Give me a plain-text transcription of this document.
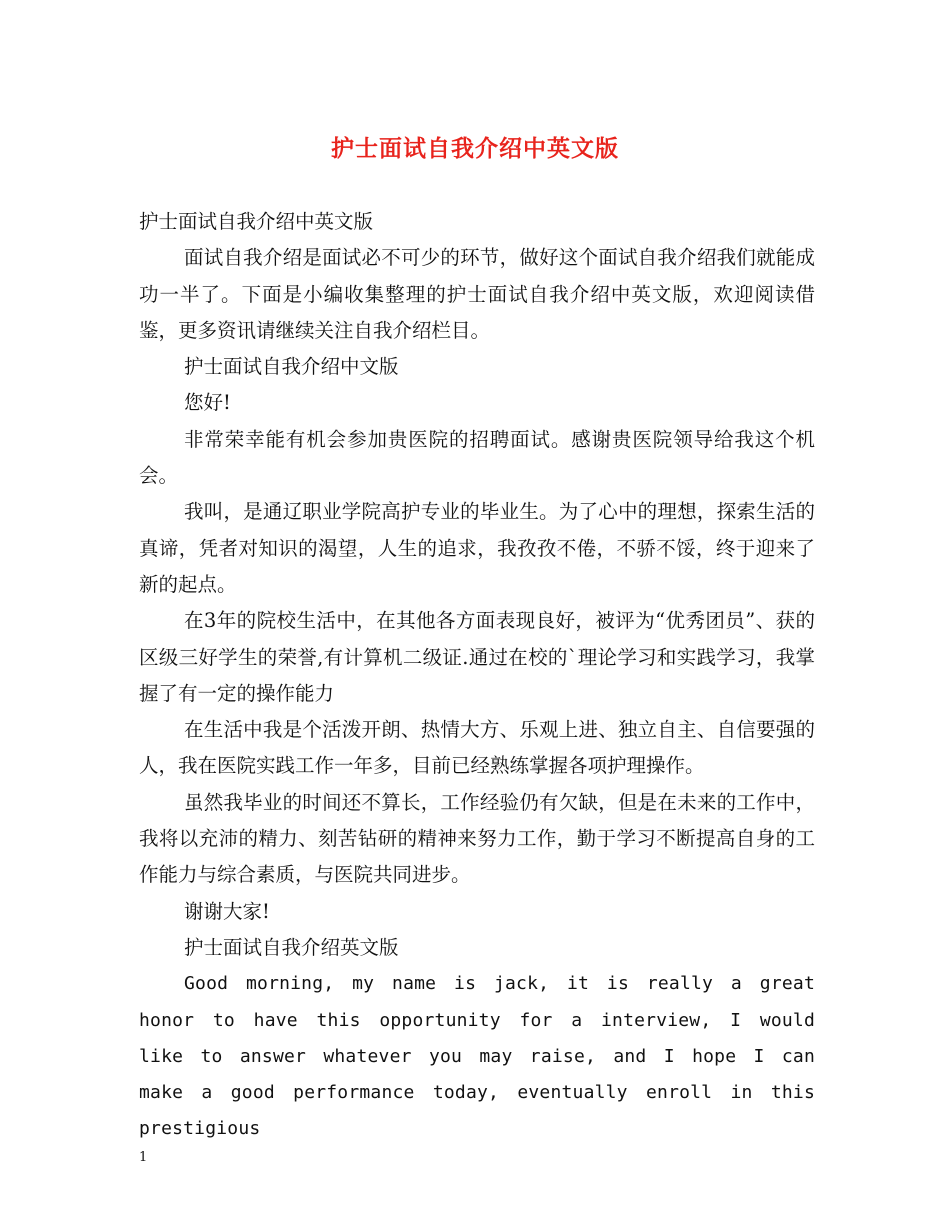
护士面试自我介绍中英文版

护士面试自我介绍中英文版

面试自我介绍是面试必不可少的环节，做好这个面试自我介绍我们就能成功一半了。下面是小编收集整理的护士面试自我介绍中英文版，欢迎阅读借鉴，更多资讯请继续关注自我介绍栏目。

护士面试自我介绍中文版

您好!

非常荣幸能有机会参加贵医院的招聘面试。感谢贵医院领导给我这个机会。

我叫，是通辽职业学院高护专业的毕业生。为了心中的理想，探索生活的真谛，凭者对知识的渴望，人生的追求，我孜孜不倦，不骄不馁，终于迎来了新的起点。

在3年的院校生活中，在其他各方面表现良好，被评为“优秀团员”、获的区级三好学生的荣誉,有计算机二级证.通过在校的`理论学习和实践学习，我掌握了有一定的操作能力

在生活中我是个活泼开朗、热情大方、乐观上进、独立自主、自信要强的人，我在医院实践工作一年多，目前已经熟练掌握各项护理操作。

虽然我毕业的时间还不算长，工作经验仍有欠缺，但是在未来的工作中，我将以充沛的精力、刻苦钻研的精神来努力工作，勤于学习不断提高自身的工作能力与综合素质，与医院共同进步。

谢谢大家!

护士面试自我介绍英文版

Good morning, my name is jack, it is really a great honor to have this opportunity for a interview, I would like to answer whatever you may raise, and I hope I can make a good performance today, eventually enroll in this prestigious

1
